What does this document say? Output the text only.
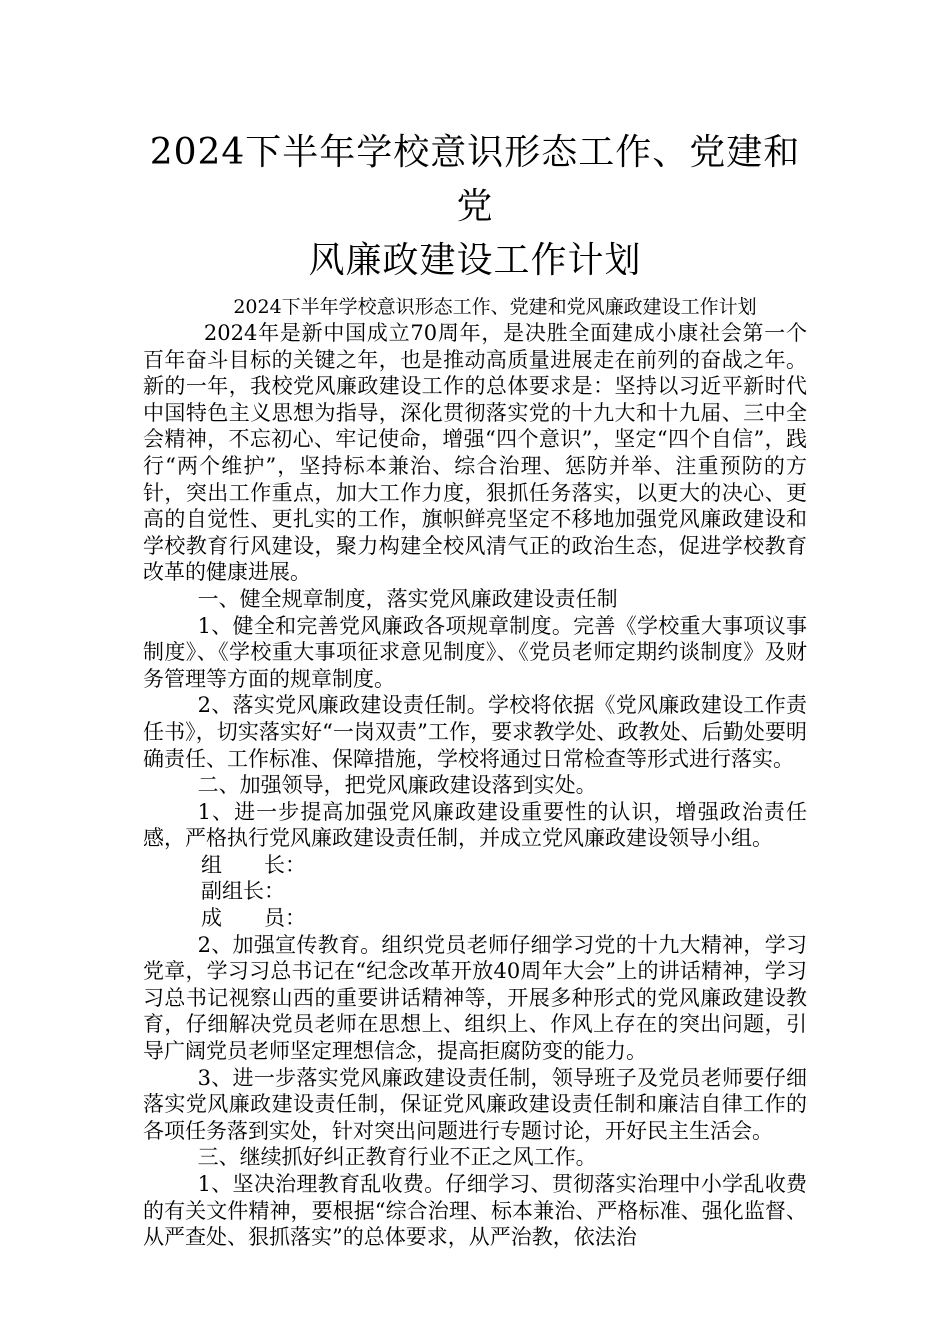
2024下半年学校意识形态工作、党建和党
风廉政建设工作计划

2024下半年学校意识形态工作、党建和党风廉政建设工作计划

2024年是新中国成立70周年，是决胜全面建成小康社会第一个百年奋斗目标的关键之年，也是推动高质量进展走在前列的奋战之年。新的一年，我校党风廉政建设工作的总体要求是：坚持以习近平新时代中国特色主义思想为指导，深化贯彻落实党的十九大和十九届、三中全会精神，不忘初心、牢记使命，增强“四个意识”，坚定“四个自信”，践行“两个维护”，坚持标本兼治、综合治理、惩防并举、注重预防的方针，突出工作重点，加大工作力度，狠抓任务落实，以更大的决心、更高的自觉性、更扎实的工作，旗帜鲜亮坚定不移地加强党风廉政建设和学校教育行风建设，聚力构建全校风清气正的政治生态，促进学校教育改革的健康进展。

一、健全规章制度，落实党风廉政建设责任制

1、健全和完善党风廉政各项规章制度。完善《学校重大事项议事制度》、《学校重大事项征求意见制度》、《党员老师定期约谈制度》及财务管理等方面的规章制度。

2、落实党风廉政建设责任制。学校将依据《党风廉政建设工作责任书》，切实落实好“一岗双责”工作，要求教学处、政教处、后勤处要明确责任、工作标准、保障措施，学校将通过日常检查等形式进行落实。

二、加强领导，把党风廉政建设落到实处。

1、进一步提高加强党风廉政建设重要性的认识，增强政治责任感，严格执行党风廉政建设责任制，并成立党风廉政建设领导小组。

组　　长：

副组长：

成　　员：

2、加强宣传教育。组织党员老师仔细学习党的十九大精神，学习党章，学习习总书记在“纪念改革开放40周年大会”上的讲话精神，学习习总书记视察山西的重要讲话精神等，开展多种形式的党风廉政建设教育，仔细解决党员老师在思想上、组织上、作风上存在的突出问题，引导广阔党员老师坚定理想信念，提高拒腐防变的能力。

3、进一步落实党风廉政建设责任制，领导班子及党员老师要仔细落实党风廉政建设责任制，保证党风廉政建设责任制和廉洁自律工作的各项任务落到实处，针对突出问题进行专题讨论，开好民主生活会。

三、继续抓好纠正教育行业不正之风工作。

1、坚决治理教育乱收费。仔细学习、贯彻落实治理中小学乱收费的有关文件精神，要根据“综合治理、标本兼治、严格标准、强化监督、从严查处、狠抓落实”的总体要求，从严治教，依法治
